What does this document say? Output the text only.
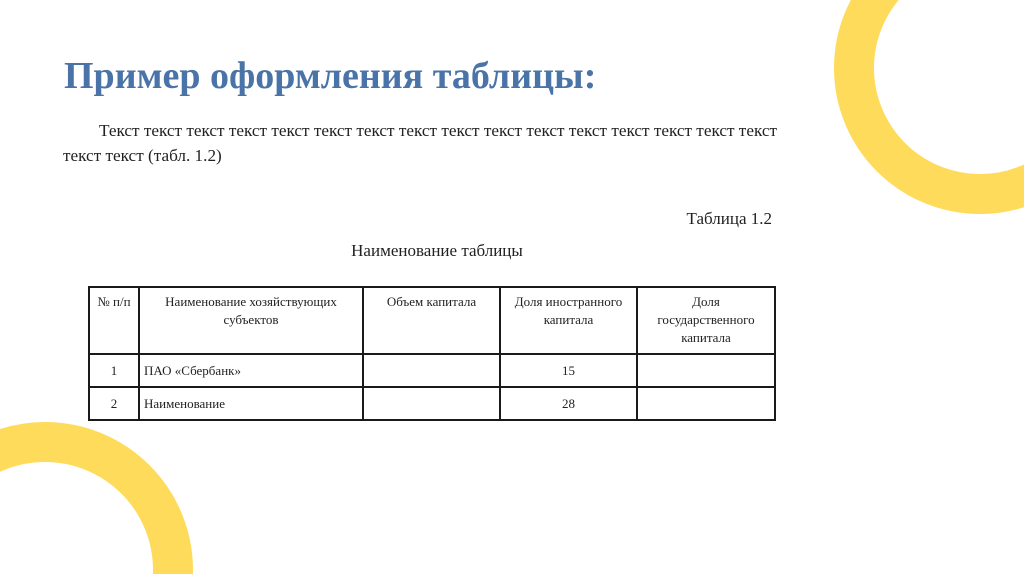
Пример оформления таблицы:

Текст текст текст текст текст текст текст текст текст текст текст текст текст текст текст текст текст текст (табл. 1.2)

Таблица 1.2
Наименование таблицы
№ п/п	Наименование хозяйствующих субъектов	Объем капитала	Доля иностранного капитала	Доля государственного капитала
1	ПАО «Сбербанк»		15	
2	Наименование		28	
